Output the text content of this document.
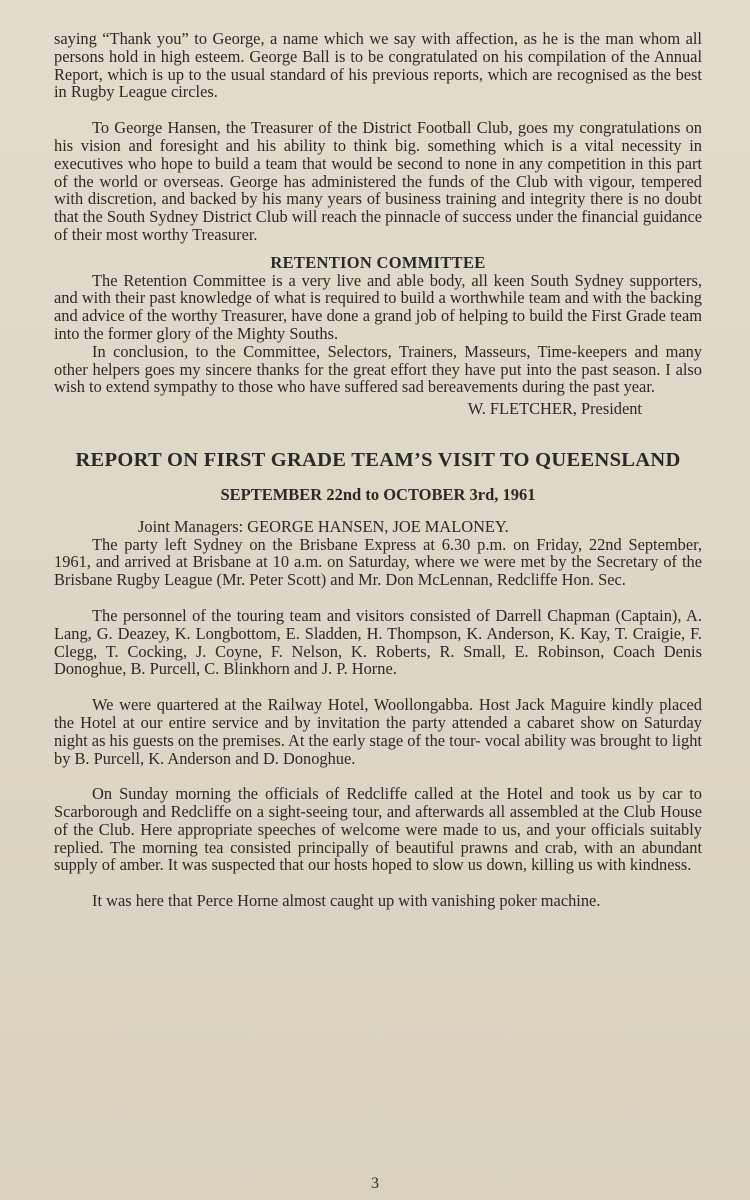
saying “Thank you” to George, a name which we say with affection, as he is the man whom all persons hold in high esteem. George Ball is to be congratulated on his compilation of the Annual Report, which is up to the usual standard of his previous reports, which are recognised as the best in Rugby League circles.

To George Hansen, the Treasurer of the District Football Club, goes my congratulations on his vision and foresight and his ability to think big. something which is a vital necessity in executives who hope to build a team that would be second to none in any competition in this part of the world or overseas. George has administered the funds of the Club with vigour, tempered with discretion, and backed by his many years of business training and integrity there is no doubt that the South Sydney District Club will reach the pinnacle of success under the financial guidance of their most worthy Treasurer.

RETENTION COMMITTEE

The Retention Committee is a very live and able body, all keen South Sydney supporters, and with their past knowledge of what is required to build a worthwhile team and with the backing and advice of the worthy Treasurer, have done a grand job of helping to build the First Grade team into the former glory of the Mighty Souths.

In conclusion, to the Committee, Selectors, Trainers, Masseurs, Time-keepers and many other helpers goes my sincere thanks for the great effort they have put into the past season. I also wish to extend sympathy to those who have suffered sad bereavements during the past year.

W. FLETCHER, President

REPORT ON FIRST GRADE TEAM’S VISIT TO QUEENSLAND

SEPTEMBER 22nd to OCTOBER 3rd, 1961

Joint Managers: GEORGE HANSEN, JOE MALONEY.

The party left Sydney on the Brisbane Express at 6.30 p.m. on Friday, 22nd September, 1961, and arrived at Brisbane at 10 a.m. on Saturday, where we were met by the Secretary of the Brisbane Rugby League (Mr. Peter Scott) and Mr. Don McLennan, Redcliffe Hon. Sec.

The personnel of the touring team and visitors consisted of Darrell Chapman (Captain), A. Lang, G. Deazey, K. Longbottom, E. Sladden, H. Thompson, K. Anderson, K. Kay, T. Craigie, F. Clegg, T. Cocking, J. Coyne, F. Nelson, K. Roberts, R. Small, E. Robinson, Coach Denis Donoghue, B. Purcell, C. Blinkhorn and J. P. Horne.

We were quartered at the Railway Hotel, Woollongabba. Host Jack Maguire kindly placed the Hotel at our entire service and by invitation the party attended a cabaret show on Saturday night as his guests on the premises. At the early stage of the tour- vocal ability was brought to light by B. Purcell, K. Anderson and D. Donoghue.

On Sunday morning the officials of Redcliffe called at the Hotel and took us by car to Scarborough and Redcliffe on a sight-seeing tour, and afterwards all assembled at the Club House of the Club. Here appropriate speeches of welcome were made to us, and your officials suitably replied. The morning tea consisted principally of beautiful prawns and crab, with an abundant supply of amber. It was suspected that our hosts hoped to slow us down, killing us with kindness.

It was here that Perce Horne almost caught up with vanishing poker machine.

3
